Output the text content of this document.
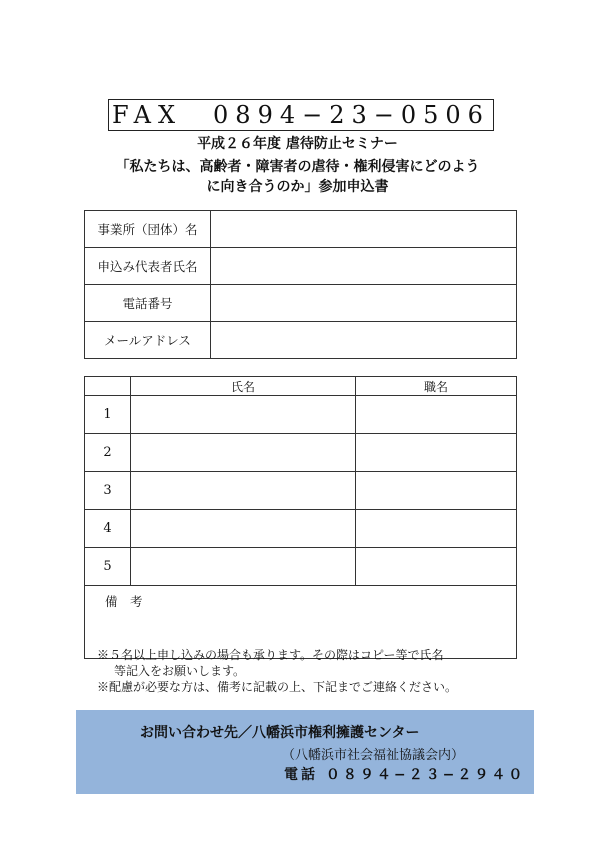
FAX　0894−23−0506
平成２６年度 虐待防止セミナー
「私たちは、高齢者・障害者の虐待・権利侵害にどのよう
に向き合うのか」参加申込書
事業所（団体）名	
申込み代表者氏名	
電話番号	
メールアドレス	
	氏名	職名
1		
2		
3		
4		
5		
備　考		
※５名以上申し込みの場合も承ります。その際はコピー等で氏名
等記入をお願いします。
※配慮が必要な方は、備考に記載の上、下記までご連絡ください。
お問い合わせ先／八幡浜市権利擁護センター
（八幡浜市社会福祉協議会内）
電話 ０８９４−２３−２９４０
